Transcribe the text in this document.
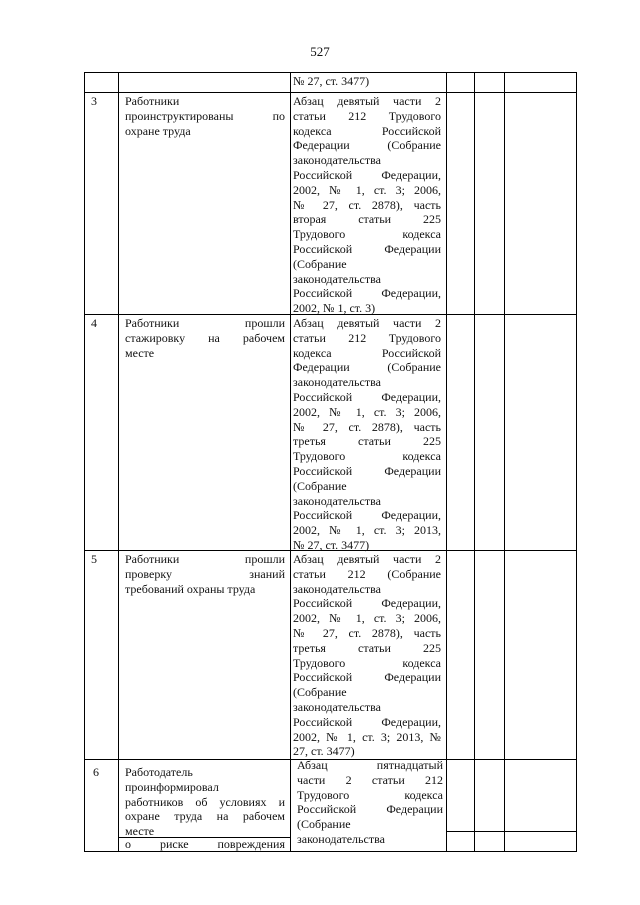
527
№ 27, ст. 3477)
3 Работники
проинструктированы по
охране труда
Абзац девятый части 2
статьи 212 Трудового
кодекса Российской
Федерации (Собрание
законодательства
Российской Федерации,
2002, № 1, ст. 3; 2006,
№ 27, ст. 2878), часть
вторая статьи 225
Трудового кодекса
Российской Федерации
(Собрание
законодательства
Российской Федерации,
2002, № 1, ст. 3)
4 Работники прошли
стажировку на рабочем
месте
Абзац девятый части 2
статьи 212 Трудового
кодекса Российской
Федерации (Собрание
законодательства
Российской Федерации,
2002, № 1, ст. 3; 2006,
№ 27, ст. 2878), часть
третья статьи 225
Трудового кодекса
Российской Федерации
(Собрание
законодательства
Российской Федерации,
2002, № 1, ст. 3; 2013,
№ 27, ст. 3477)
5 Работники прошли
проверку знаний
требований охраны труда
Абзац девятый части 2
статьи 212 (Собрание
законодательства
Российской Федерации,
2002, № 1, ст. 3; 2006,
№ 27, ст. 2878), часть
третья статьи 225
Трудового кодекса
Российской Федерации
(Собрание
законодательства
Российской Федерации,
2002, № 1, ст. 3; 2013, №
27, ст. 3477)
6 Работодатель
проинформировал
работников об условиях и
охране труда на рабочем
месте
Абзац пятнадцатый
части 2 статьи 212
Трудового кодекса
Российской Федерации
(Собрание
законодательства
о риске повреждения
